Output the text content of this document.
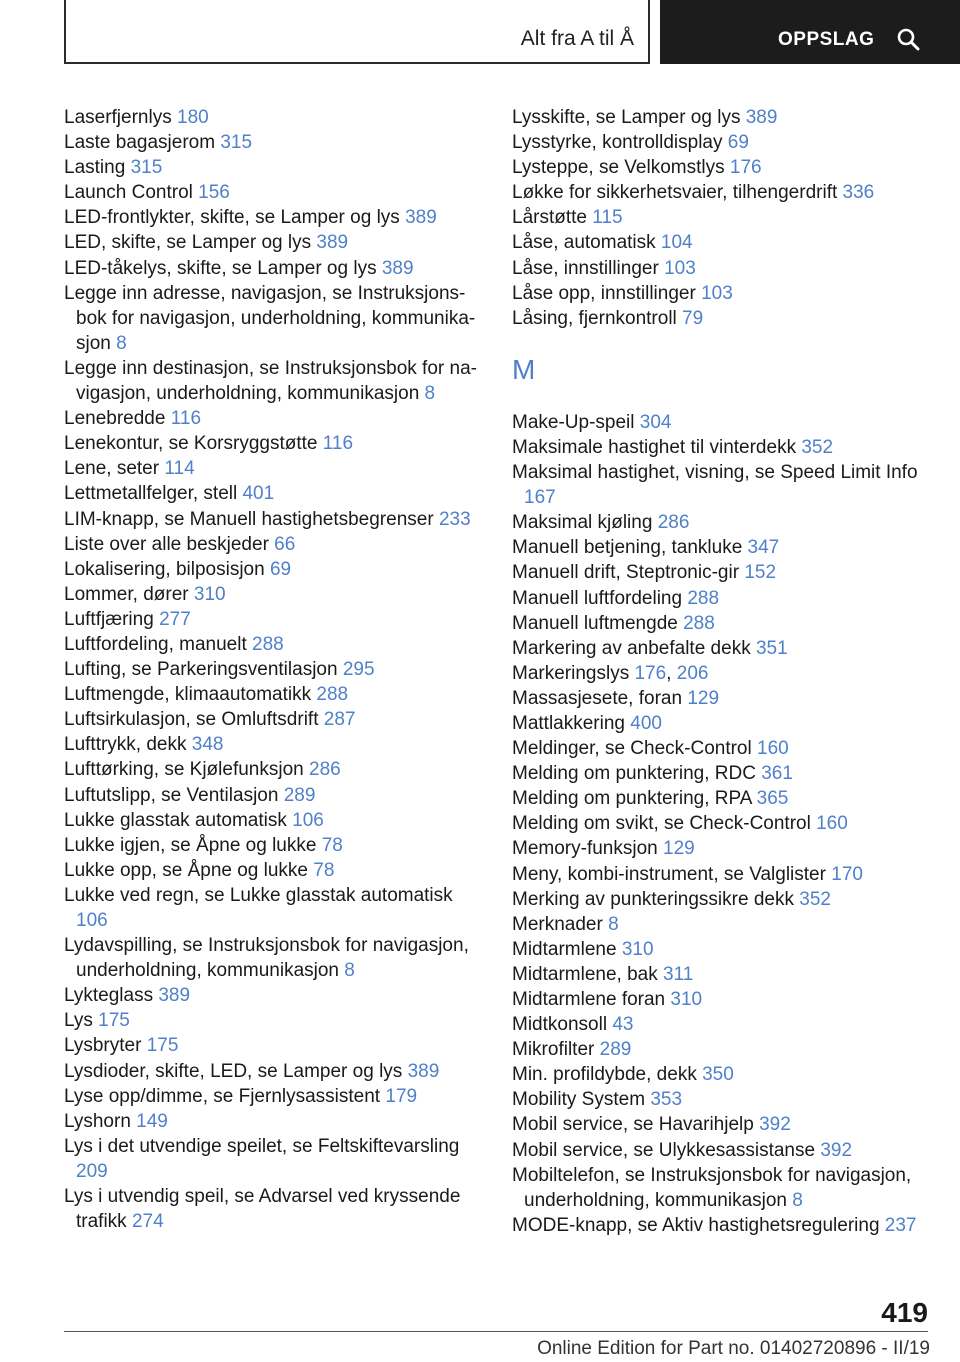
Alt fra A til Å	OPPSLAG
Laserfjernlys 180
Laste bagasjerom 315
Lasting 315
Launch Control 156
LED-frontlykter, skifte, se Lamper og lys 389
LED, skifte, se Lamper og lys 389
LED-tåkelys, skifte, se Lamper og lys 389
Legge inn adresse, navigasjon, se Instruksjonsbok for navigasjon, underholdning, kommunikasjon 8
Legge inn destinasjon, se Instruksjonsbok for navigasjon, underholdning, kommunikasjon 8
Lenebredde 116
Lenekontur, se Korsryggstøtte 116
Lene, seter 114
Lettmetallfelger, stell 401
LIM-knapp, se Manuell hastighetsbegrenser 233
Liste over alle beskjeder 66
Lokalisering, bilposisjon 69
Lommer, dører 310
Luftfjæring 277
Luftfordeling, manuelt 288
Lufting, se Parkeringsventilasjon 295
Luftmengde, klimaautomatikk 288
Luftsirkulasjon, se Omluftsdrift 287
Lufttrykk, dekk 348
Lufttørking, se Kjølefunksjon 286
Luftutslipp, se Ventilasjon 289
Lukke glasstak automatisk 106
Lukke igjen, se Åpne og lukke 78
Lukke opp, se Åpne og lukke 78
Lukke ved regn, se Lukke glasstak automatisk 106
Lydavspilling, se Instruksjonsbok for navigasjon, underholdning, kommunikasjon 8
Lykteglass 389
Lys 175
Lysbryter 175
Lysdioder, skifte, LED, se Lamper og lys 389
Lyse opp/dimme, se Fjernlysassistent 179
Lyshorn 149
Lys i det utvendige speilet, se Feltskiftevarsling 209
Lys i utvendig speil, se Advarsel ved kryssende trafikk 274
Lysskifte, se Lamper og lys 389
Lysstyrke, kontrolldisplay 69
Lysteppe, se Velkomstlys 176
Løkke for sikkerhetsvaier, tilhengerdrift 336
Lårstøtte 115
Låse, automatisk 104
Låse, innstillinger 103
Låse opp, innstillinger 103
Låsing, fjernkontroll 79
M
Make-Up-speil 304
Maksimale hastighet til vinterdekk 352
Maksimal hastighet, visning, se Speed Limit Info 167
Maksimal kjøling 286
Manuell betjening, tankluke 347
Manuell drift, Steptronic-gir 152
Manuell luftfordeling 288
Manuell luftmengde 288
Markering av anbefalte dekk 351
Markeringslys 176, 206
Massasjesete, foran 129
Mattlakkering 400
Meldinger, se Check-Control 160
Melding om punktering, RDC 361
Melding om punktering, RPA 365
Melding om svikt, se Check-Control 160
Memory-funksjon 129
Meny, kombi-instrument, se Valglister 170
Merking av punkteringssikre dekk 352
Merknader 8
Midtarmlene 310
Midtarmlene, bak 311
Midtarmlene foran 310
Midtkonsoll 43
Mikrofilter 289
Min. profildybde, dekk 350
Mobility System 353
Mobil service, se Havarihjelp 392
Mobil service, se Ulykkesassistanse 392
Mobiltelefon, se Instruksjonsbok for navigasjon, underholdning, kommunikasjon 8
MODE-knapp, se Aktiv hastighetsregulering 237
419
Online Edition for Part no. 01402720896 - II/19
